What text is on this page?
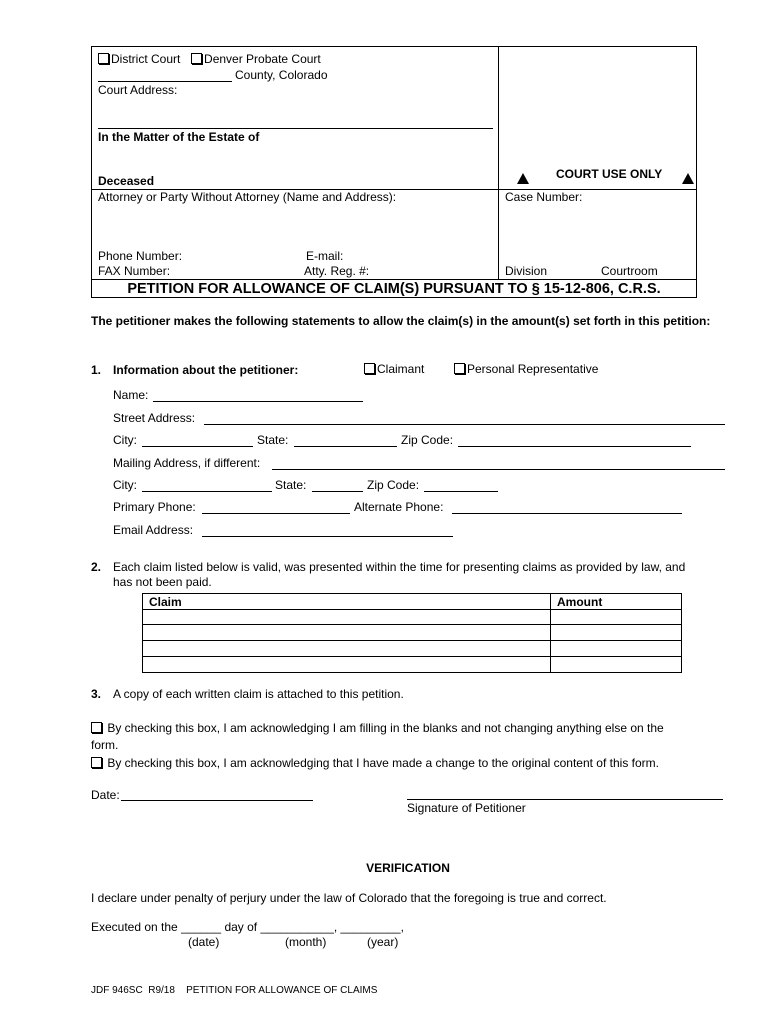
District Court Denver Probate Court
County, Colorado
Court Address:
In the Matter of the Estate of
Deceased	COURT USE ONLY
Attorney or Party Without Attorney (Name and Address):	Case Number:
Phone Number:	E-mail:
FAX Number:	Atty. Reg. #:	Division	Courtroom
PETITION FOR ALLOWANCE OF CLAIM(S) PURSUANT TO § 15-12-806, C.R.S.
The petitioner makes the following statements to allow the claim(s) in the amount(s) set forth in this petition:
1. Information about the petitioner:	Claimant	Personal Representative
Name:
Street Address:
City:	State:	Zip Code:
Mailing Address, if different:
City:	State:	Zip Code:
Primary Phone:	Alternate Phone:
Email Address:
2. Each claim listed below is valid, was presented within the time for presenting claims as provided by law, and
has not been paid.
Claim	Amount
3. A copy of each written claim is attached to this petition.
By checking this box, I am acknowledging I am filling in the blanks and not changing anything else on the
form.
By checking this box, I am acknowledging that I have made a change to the original content of this form.
Date:
Signature of Petitioner
VERIFICATION
I declare under penalty of perjury under the law of Colorado that the foregoing is true and correct.
Executed on the ______ day of ___________, _________,
(date)	(month)	(year)
JDF 946SC R9/18 PETITION FOR ALLOWANCE OF CLAIMS
